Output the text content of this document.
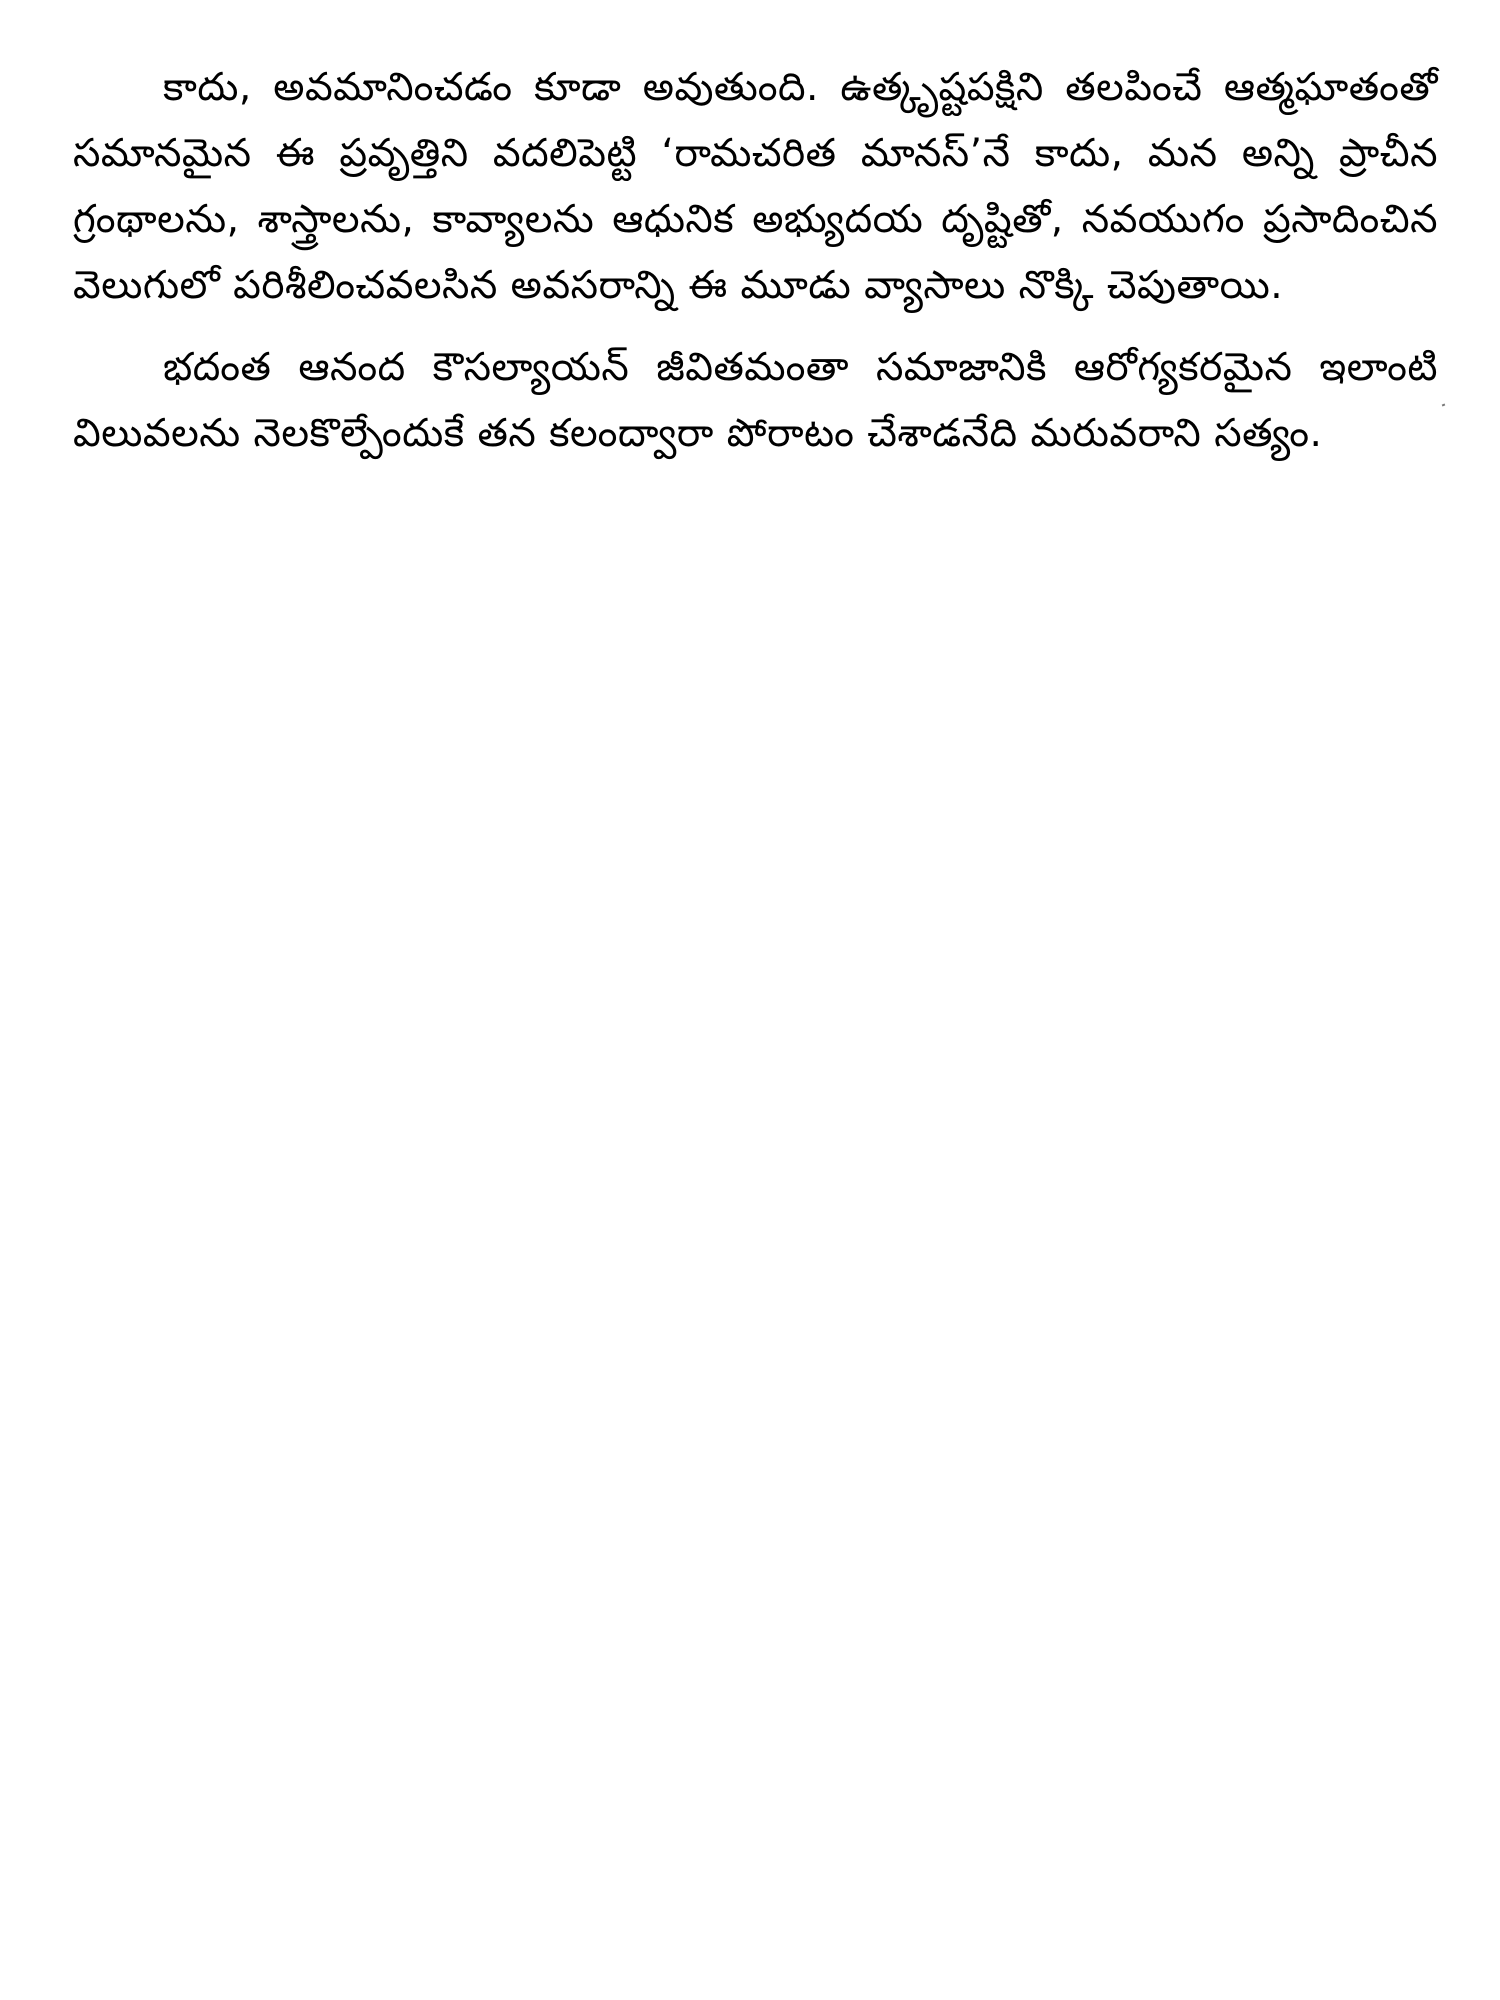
కాదు, అవమానించడం కూడా అవుతుంది. ఉత్కృష్టపక్షిని తలపించే ఆత్మఘాతంతో సమానమైన ఈ ప్రవృత్తిని వదలిపెట్టి ‘రామచరిత మానస్’నే కాదు, మన అన్ని ప్రాచీన గ్రంథాలను, శాస్త్రాలను, కావ్యాలను ఆధునిక అభ్యుదయ దృష్టితో, నవయుగం ప్రసాదించిన వెలుగులో పరిశీలించవలసిన అవసరాన్ని ఈ మూడు వ్యాసాలు నొక్కి చెపుతాయి.

భదంత ఆనంద కౌసల్యాయన్ జీవితమంతా సమాజానికి ఆరోగ్యకరమైన ఇలాంటి విలువలను నెలకొల్పేందుకే తన కలంద్వారా పోరాటం చేశాడనేది మరువరాని సత్యం.
